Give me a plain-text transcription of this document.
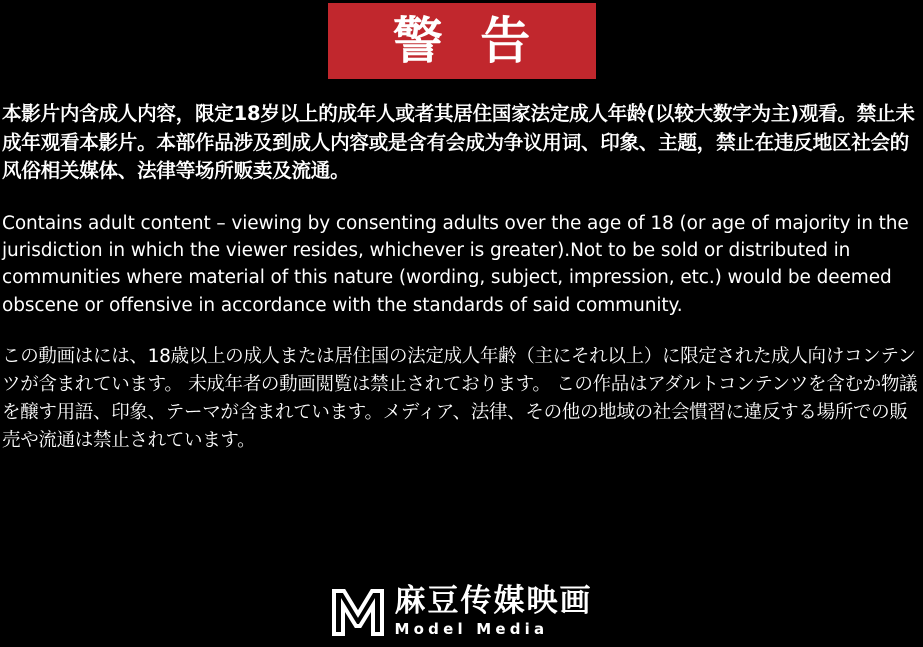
警 告

本影片内含成人内容，限定18岁以上的成年人或者其居住国家法定成人年龄(以较大数字为主)观看。禁止未成年观看本影片。本部作品涉及到成人内容或是含有会成为争议用词、印象、主题，禁止在违反地区社会的风俗相关媒体、法律等场所贩卖及流通。

Contains adult content – viewing by consenting adults over the age of 18 (or age of majority in the jurisdiction in which the viewer resides, whichever is greater).Not to be sold or distributed in communities where material of this nature (wording, subject, impression, etc.) would be deemed obscene or offensive in accordance with the standards of said community.

この動画はには、18歳以上の成人または居住国の法定成人年齢（主にそれ以上）に限定された成人向けコンテンツが含まれています。 未成年者の動画閲覧は禁止されております。 この作品はアダルトコンテンツを含むか物議を醸す用語、印象、テーマが含まれています。メディア、法律、その他の地域の社会慣習に違反する場所での販売や流通は禁止されています。

麻豆传媒映画
Model Media
